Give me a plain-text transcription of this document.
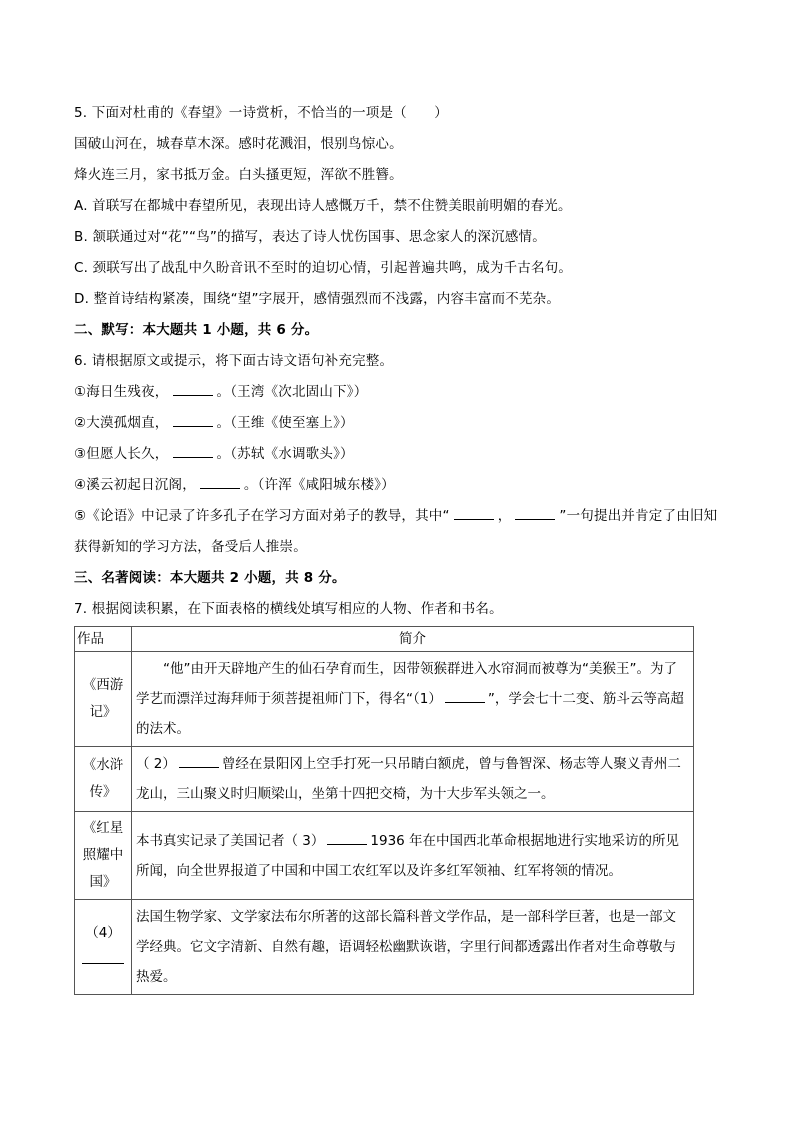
5. 下面对杜甫的《春望》一诗赏析，不恰当的一项是（　　）
国破山河在，城春草木深。感时花溅泪，恨别鸟惊心。
烽火连三月，家书抵万金。白头搔更短，浑欲不胜簪。
A. 首联写在都城中春望所见，表现出诗人感慨万千，禁不住赞美眼前明媚的春光。
B. 颔联通过对“花”“鸟”的描写，表达了诗人忧伤国事、思念家人的深沉感情。
C. 颈联写出了战乱中久盼音讯不至时的迫切心情，引起普遍共鸣，成为千古名句。
D. 整首诗结构紧凑，围绕“望”字展开，感情强烈而不浅露，内容丰富而不芜杂。
二、默写：本大题共 1 小题，共 6 分。
6. 请根据原文或提示，将下面古诗文语句补充完整。
①海日生残夜，	。（王湾《次北固山下》）
②大漠孤烟直，	。（王维《使至塞上》）
③但愿人长久，	。（苏轼《水调歌头》）
④溪云初起日沉阁，	。（许浑《咸阳城东楼》）
⑤《论语》中记录了许多孔子在学习方面对弟子的教导，其中“	，	”一句提出并肯定了由旧知获得新知的学习方法，备受后人推崇。
三、名著阅读：本大题共 2 小题，共 8 分。
7. 根据阅读积累，在下面表格的横线处填写相应的人物、作者和书名。
作品	简介
《西游记》	“他”由开天辟地产生的仙石孕育而生，因带领猴群进入水帘洞而被尊为“美猴王”。为了学艺而漂洋过海拜师于须菩提祖师门下，得名“（1） ”，学会七十二变、筋斗云等高超的法术。
《水浒传》	（ 2） 曾经在景阳冈上空手打死一只吊睛白额虎，曾与鲁智深、杨志等人聚义青州二龙山，三山聚义时归顺梁山，坐第十四把交椅，为十大步军头领之一。
《红星照耀中国》	本书真实记录了美国记者（ 3） 1936 年在中国西北革命根据地进行实地采访的所见所闻，向全世界报道了中国和中国工农红军以及许多红军领袖、红军将领的情况。

（4）	法国生物学家、文学家法布尔所著的这部长篇科普文学作品，是一部科学巨著，也是一部文学经典。它文字清新、自然有趣，语调轻松幽默诙谐，字里行间都透露出作者对生命尊敬与热爱。
